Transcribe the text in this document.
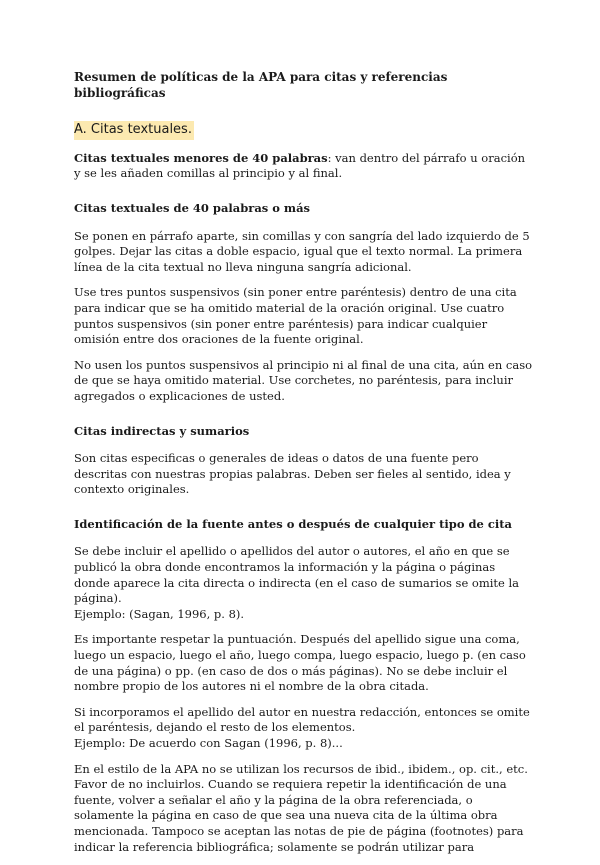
Resumen de políticas de la APA para citas y referencias bibliográficas

A. Citas textuales.

Citas textuales menores de 40 palabras: van dentro del párrafo u oración y se les añaden comillas al principio y al final.

Citas textuales de 40 palabras o más

Se ponen en párrafo aparte, sin comillas y con sangría del lado izquierdo de 5 golpes. Dejar las citas a doble espacio, igual que el texto normal. La primera línea de la cita textual no lleva ninguna sangría adicional.

Use tres puntos suspensivos (sin poner entre paréntesis) dentro de una cita para indicar que se ha omitido material de la oración original. Use cuatro puntos suspensivos (sin poner entre paréntesis) para indicar cualquier omisión entre dos oraciones de la fuente original.

No usen los puntos suspensivos al principio ni al final de una cita, aún en caso de que se haya omitido material. Use corchetes, no paréntesis, para incluir agregados o explicaciones de usted.

Citas indirectas y sumarios

Son citas especificas o generales de ideas o datos de una fuente pero descritas con nuestras propias palabras. Deben ser fieles al sentido, idea y contexto originales.

Identificación de la fuente antes o después de cualquier tipo de cita

Se debe incluir el apellido o apellidos del autor o autores, el año en que se publicó la obra donde encontramos la información y la página o páginas donde aparece la cita directa o indirecta (en el caso de sumarios se omite la página).
Ejemplo: (Sagan, 1996, p. 8).

Es importante respetar la puntuación. Después del apellido sigue una coma, luego un espacio, luego el año, luego compa, luego espacio, luego p. (en caso de una página) o pp. (en caso de dos o más páginas). No se debe incluir el nombre propio de los autores ni el nombre de la obra citada.

Si incorporamos el apellido del autor en nuestra redacción, entonces se omite el paréntesis, dejando el resto de los elementos.
Ejemplo: De acuerdo con Sagan (1996, p. 8)...

En el estilo de la APA no se utilizan los recursos de ibid., ibidem., op. cit., etc. Favor de no incluirlos. Cuando se requiera repetir la identificación de una fuente, volver a señalar el año y la página de la obra referenciada, o solamente la página en caso de que sea una nueva cita de la última obra mencionada. Tampoco se aceptan las notas de pie de página (footnotes) para indicar la referencia bibliográfica; solamente se podrán utilizar para
